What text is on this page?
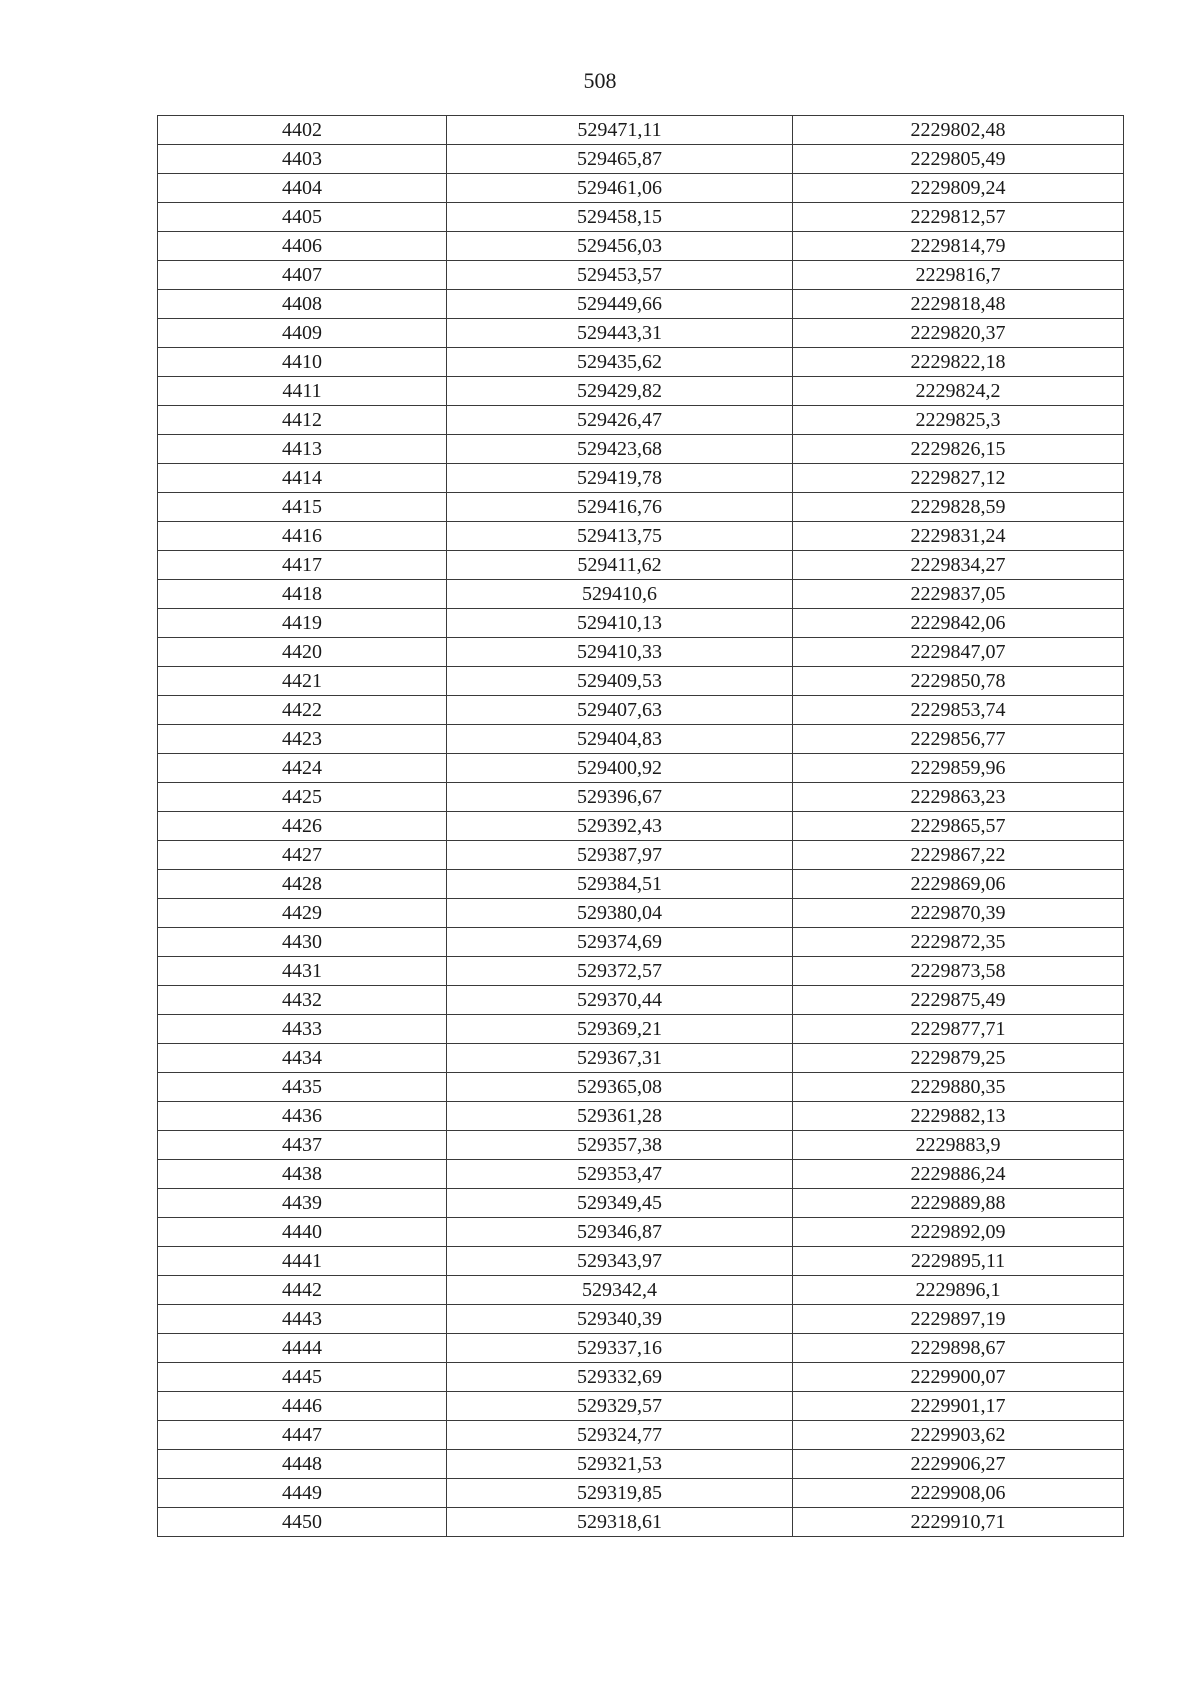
508
4402	529471,11	2229802,48
4403	529465,87	2229805,49
4404	529461,06	2229809,24
4405	529458,15	2229812,57
4406	529456,03	2229814,79
4407	529453,57	2229816,7
4408	529449,66	2229818,48
4409	529443,31	2229820,37
4410	529435,62	2229822,18
4411	529429,82	2229824,2
4412	529426,47	2229825,3
4413	529423,68	2229826,15
4414	529419,78	2229827,12
4415	529416,76	2229828,59
4416	529413,75	2229831,24
4417	529411,62	2229834,27
4418	529410,6	2229837,05
4419	529410,13	2229842,06
4420	529410,33	2229847,07
4421	529409,53	2229850,78
4422	529407,63	2229853,74
4423	529404,83	2229856,77
4424	529400,92	2229859,96
4425	529396,67	2229863,23
4426	529392,43	2229865,57
4427	529387,97	2229867,22
4428	529384,51	2229869,06
4429	529380,04	2229870,39
4430	529374,69	2229872,35
4431	529372,57	2229873,58
4432	529370,44	2229875,49
4433	529369,21	2229877,71
4434	529367,31	2229879,25
4435	529365,08	2229880,35
4436	529361,28	2229882,13
4437	529357,38	2229883,9
4438	529353,47	2229886,24
4439	529349,45	2229889,88
4440	529346,87	2229892,09
4441	529343,97	2229895,11
4442	529342,4	2229896,1
4443	529340,39	2229897,19
4444	529337,16	2229898,67
4445	529332,69	2229900,07
4446	529329,57	2229901,17
4447	529324,77	2229903,62
4448	529321,53	2229906,27
4449	529319,85	2229908,06
4450	529318,61	2229910,71
